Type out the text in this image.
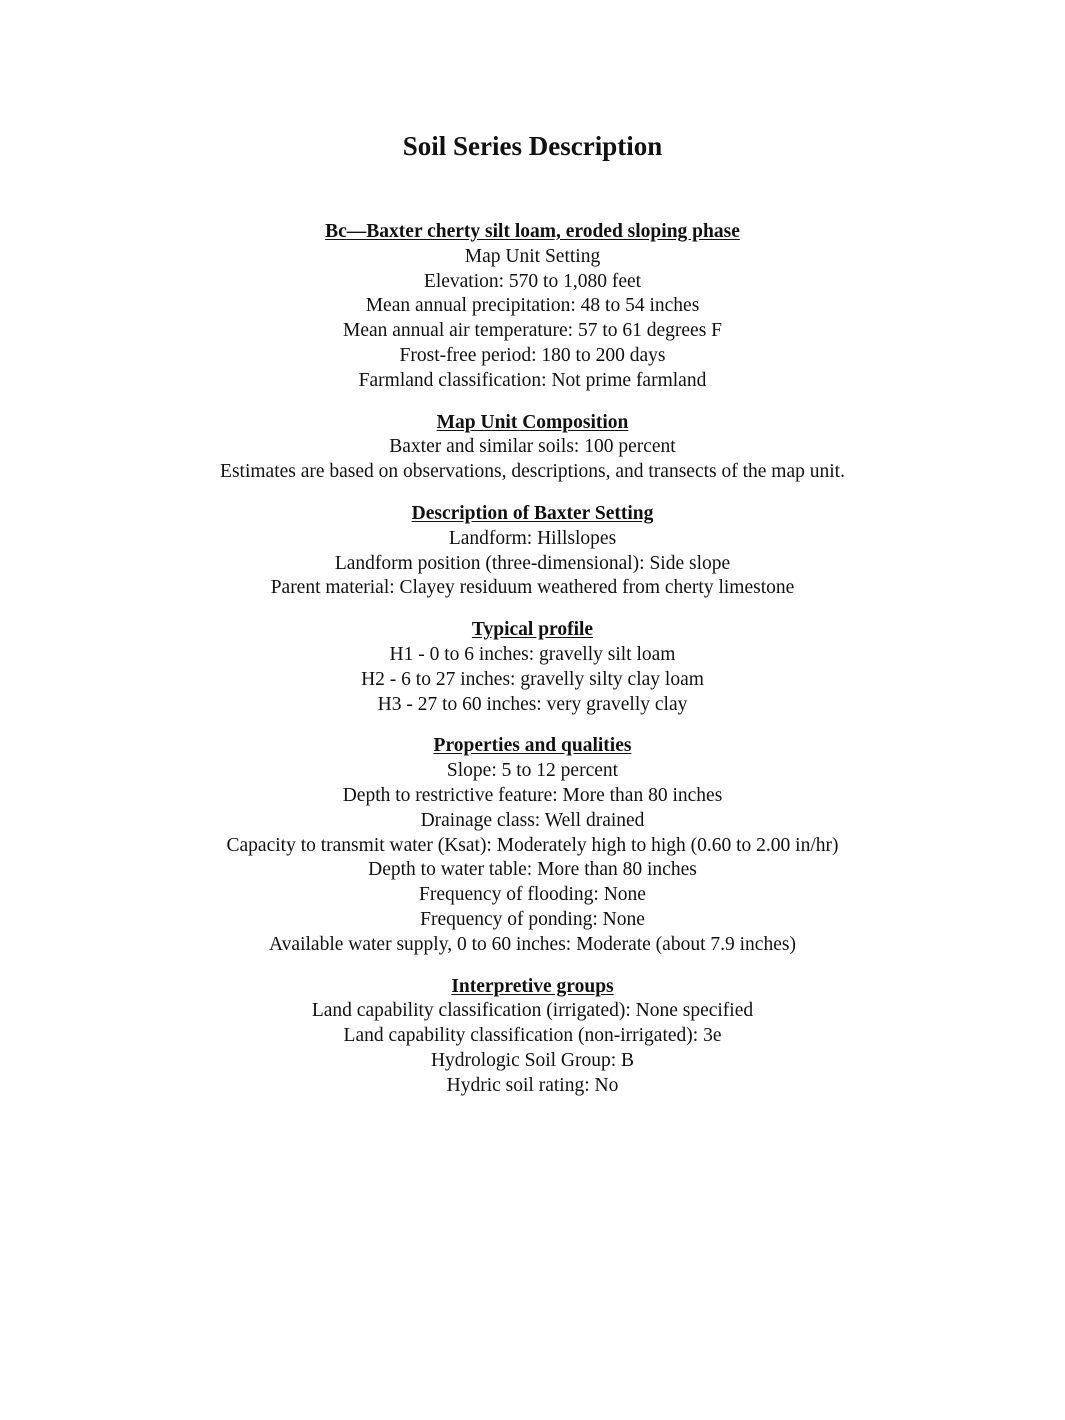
Soil Series Description
Bc—Baxter cherty silt loam, eroded sloping phase
Map Unit Setting
Elevation: 570 to 1,080 feet
Mean annual precipitation: 48 to 54 inches
Mean annual air temperature: 57 to 61 degrees F
Frost-free period: 180 to 200 days
Farmland classification: Not prime farmland
Map Unit Composition
Baxter and similar soils: 100 percent
Estimates are based on observations, descriptions, and transects of the map unit.
Description of Baxter Setting
Landform: Hillslopes
Landform position (three-dimensional): Side slope
Parent material: Clayey residuum weathered from cherty limestone
Typical profile
H1 - 0 to 6 inches: gravelly silt loam
H2 - 6 to 27 inches: gravelly silty clay loam
H3 - 27 to 60 inches: very gravelly clay
Properties and qualities
Slope: 5 to 12 percent
Depth to restrictive feature: More than 80 inches
Drainage class: Well drained
Capacity to transmit water (Ksat): Moderately high to high (0.60 to 2.00 in/hr)
Depth to water table: More than 80 inches
Frequency of flooding: None
Frequency of ponding: None
Available water supply, 0 to 60 inches: Moderate (about 7.9 inches)
Interpretive groups
Land capability classification (irrigated): None specified
Land capability classification (non-irrigated): 3e
Hydrologic Soil Group: B
Hydric soil rating: No
